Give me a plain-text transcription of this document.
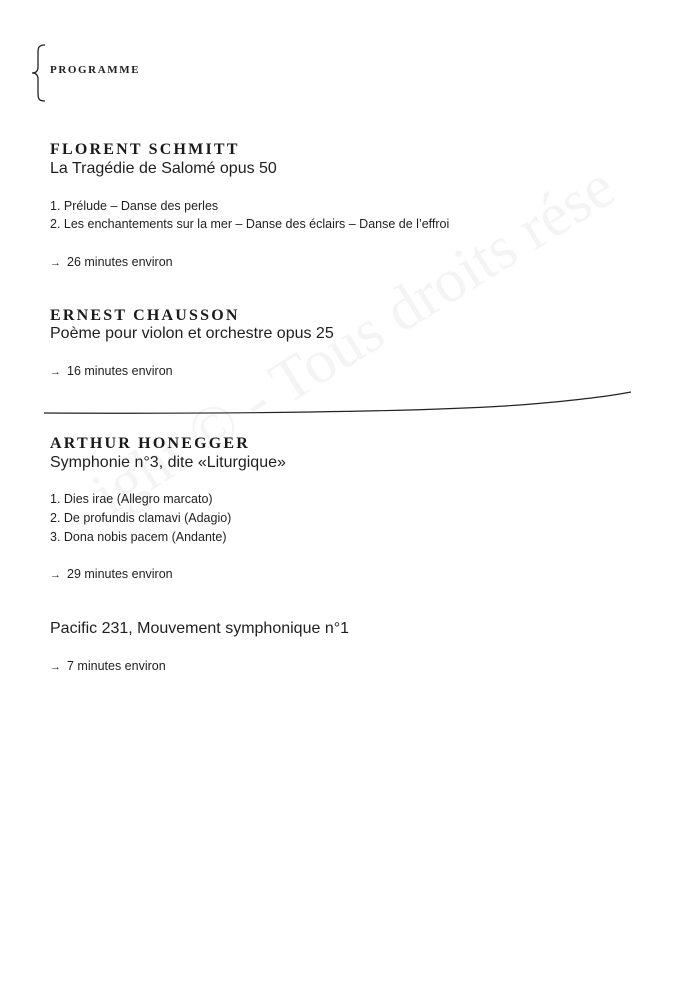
PROGRAMME
FLORENT SCHMITT
La Tragédie de Salomé opus 50
1. Prélude – Danse des perles
2. Les enchantements sur la mer – Danse des éclairs – Danse de l’effroi
→ 26 minutes environ
ERNEST CHAUSSON
Poème pour violon et orchestre opus 25
→ 16 minutes environ
ARTHUR HONEGGER
Symphonie n°3, dite «Liturgique»
1. Dies irae (Allegro marcato)
2. De profundis clamavi (Adagio)
3. Dona nobis pacem (Andante)
→ 29 minutes environ
Pacific 231, Mouvement symphonique n°1
→ 7 minutes environ
